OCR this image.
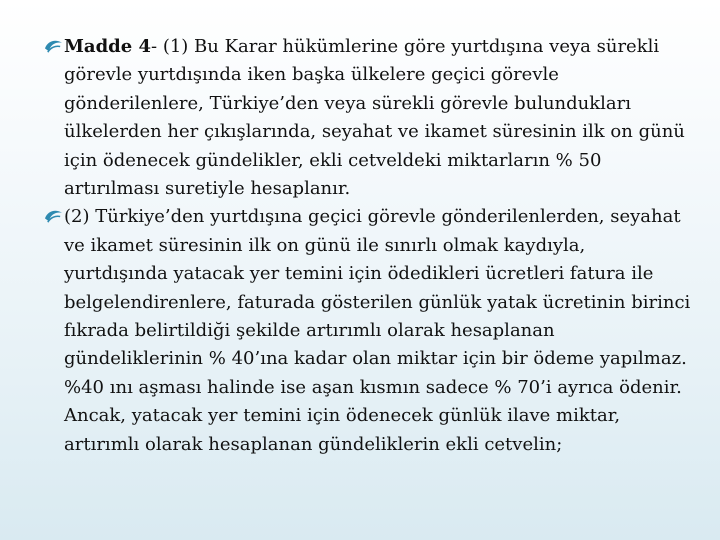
Madde 4- (1) Bu Karar hükümlerine göre yurtdışına veya sürekli görevle yurtdışında iken başka ülkelere geçici görevle gönderilenlere, Türkiye’den veya sürekli görevle bulundukları ülkelerden her çıkışlarında, seyahat ve ikamet süresinin ilk on günü için ödenecek gündelikler, ekli cetveldeki miktarların % 50 artırılması suretiyle hesaplanır.

(2) Türkiye’den yurtdışına geçici görevle gönderilenlerden, seyahat ve ikamet süresinin ilk on günü ile sınırlı olmak kaydıyla, yurtdışında yatacak yer temini için ödedikleri ücretleri fatura ile belgelendirenlere, faturada gösterilen günlük yatak ücretinin birinci fıkrada belirtildiği şekilde artırımlı olarak hesaplanan gündeliklerinin % 40’ına kadar olan miktar için bir ödeme yapılmaz. %40 ını aşması halinde ise aşan kısmın sadece % 70’i ayrıca ödenir. Ancak, yatacak yer temini için ödenecek günlük ilave miktar, artırımlı olarak hesaplanan gündeliklerin ekli cetvelin;
